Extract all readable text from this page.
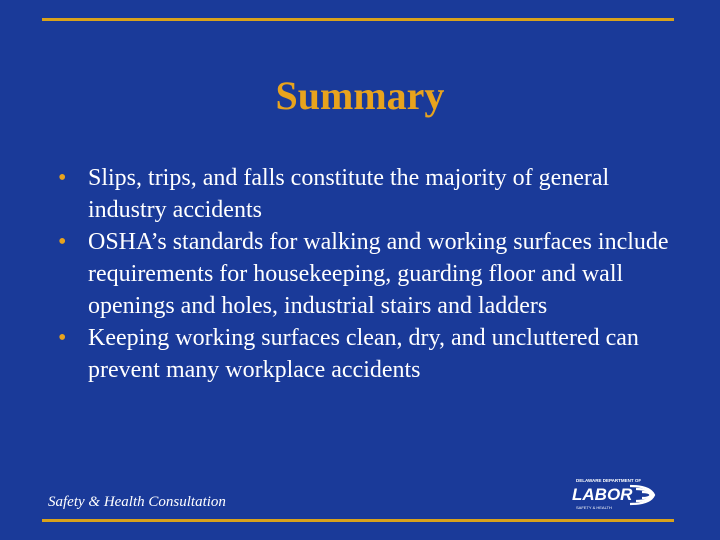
Summary
• Slips, trips, and falls constitute the majority of general industry accidents
• OSHA’s standards for walking and working surfaces include requirements for housekeeping, guarding floor and wall openings and holes, industrial stairs and ladders
• Keeping working surfaces clean, dry, and uncluttered can prevent many workplace accidents
Safety & Health Consultation
DELAWARE DEPARTMENT OF
LABOR
SAFETY & HEALTH
